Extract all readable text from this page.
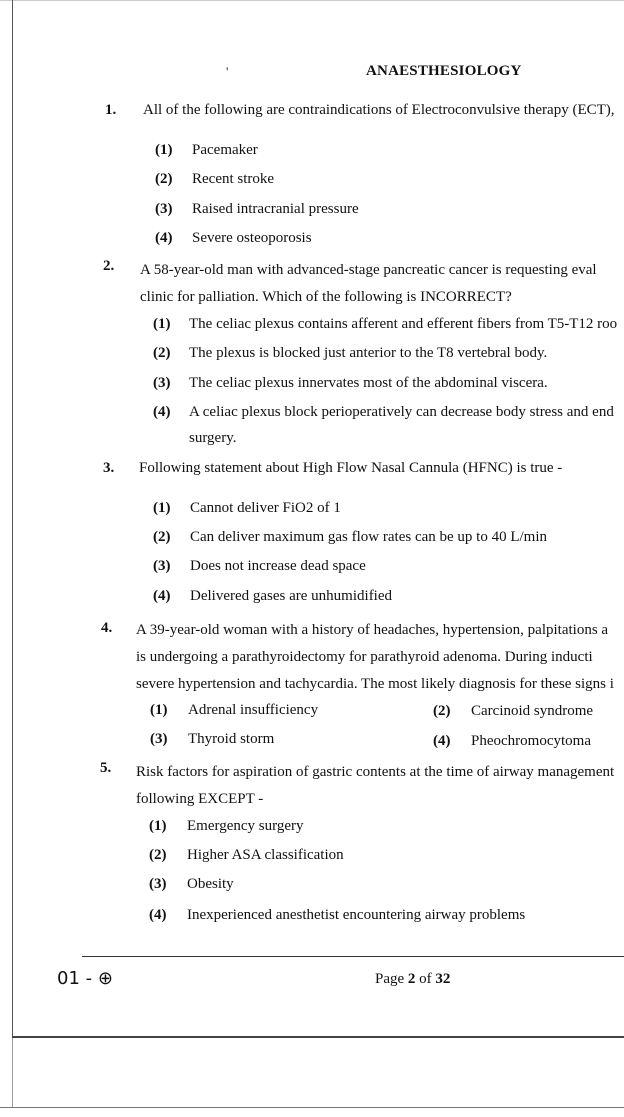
'	ANAESTHESIOLOGY
1. All of the following are contraindications of Electroconvulsive therapy (ECT),
(1) Pacemaker
(2) Recent stroke
(3) Raised intracranial pressure
(4) Severe osteoporosis
2. A 58-year-old man with advanced-stage pancreatic cancer is requesting eval
clinic for palliation. Which of the following is INCORRECT?
(1) The celiac plexus contains afferent and efferent fibers from T5-T12 roo
(2) The plexus is blocked just anterior to the T8 vertebral body.
(3) The celiac plexus innervates most of the abdominal viscera.
(4) A celiac plexus block perioperatively can decrease body stress and end
surgery.
3. Following statement about High Flow Nasal Cannula (HFNC) is true -
(1) Cannot deliver FiO2 of 1
(2) Can deliver maximum gas flow rates can be up to 40 L/min
(3) Does not increase dead space
(4) Delivered gases are unhumidified
4. A 39-year-old woman with a history of headaches, hypertension, palpitations a
is undergoing a parathyroidectomy for parathyroid adenoma. During inducti
severe hypertension and tachycardia. The most likely diagnosis for these signs i
(1) Adrenal insufficiency	(2) Carcinoid syndrome
(3) Thyroid storm	(4) Pheochromocytoma
5. Risk factors for aspiration of gastric contents at the time of airway management
following EXCEPT -
(1) Emergency surgery
(2) Higher ASA classification
(3) Obesity
(4) Inexperienced anesthetist encountering airway problems
01 - ⊕	Page 2 of 32
